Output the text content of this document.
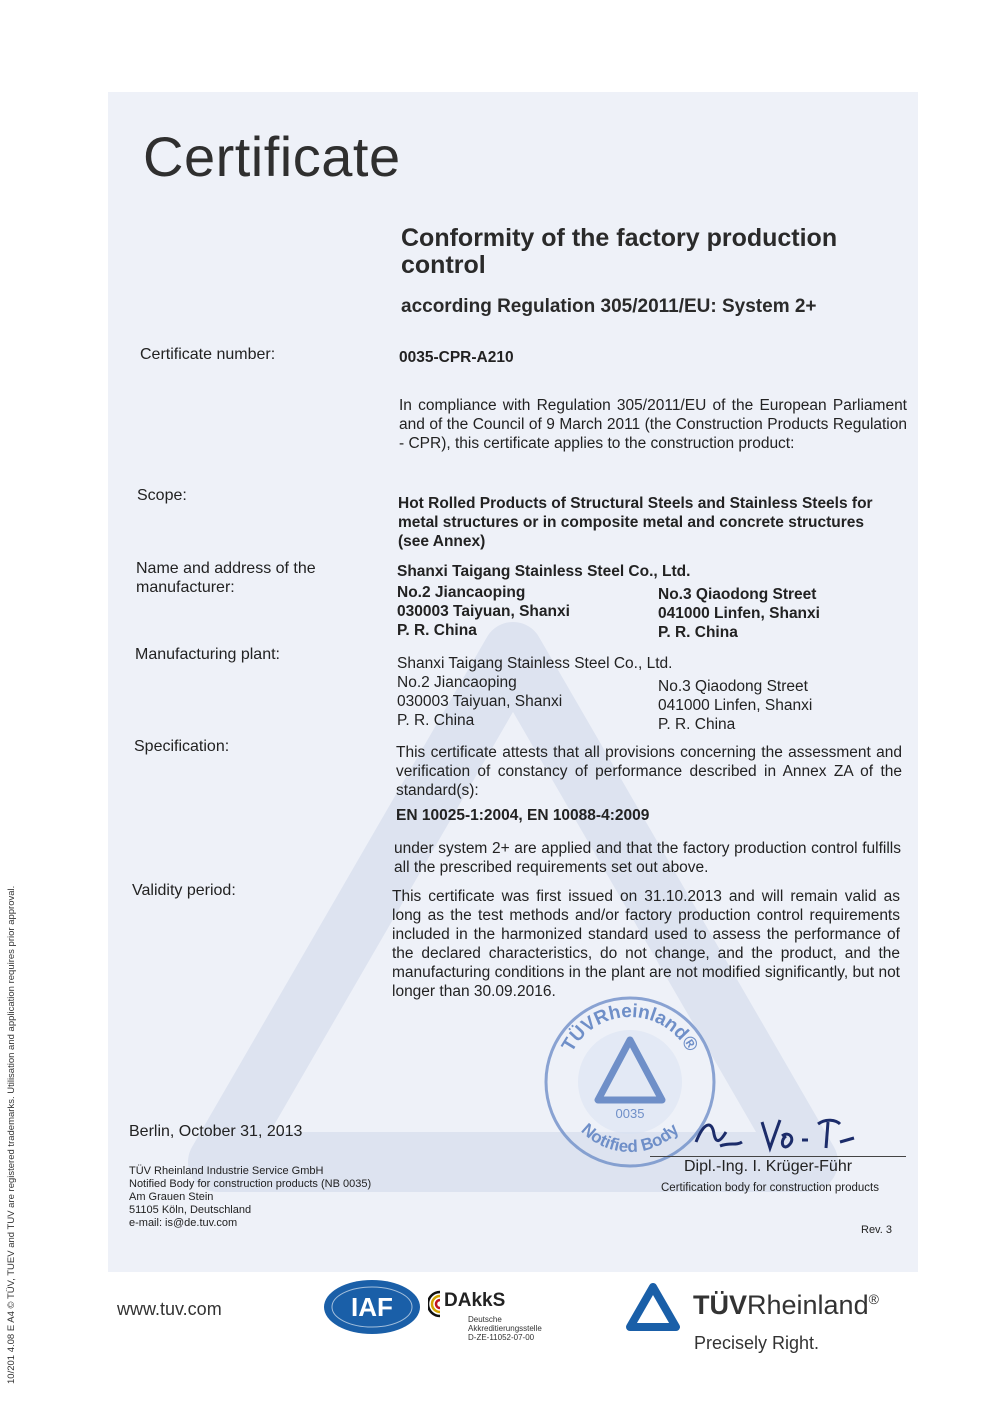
Certificate
Conformity of the factory production control
according Regulation 305/2011/EU: System 2+
Certificate number:	0035-CPR-A210
In compliance with Regulation 305/2011/EU of the European Parliament and of the Council of 9 March 2011 (the Construction Products Regulation - CPR), this certificate applies to the construction product:
Scope:	Hot Rolled Products of Structural Steels and Stainless Steels for metal structures or in composite metal and concrete structures (see Annex)
Name and address of the
manufacturer:
Shanxi Taigang Stainless Steel Co., Ltd.
No.2 Jiancaoping
030003 Taiyuan, Shanxi
P. R. China
No.3 Qiaodong Street
041000 Linfen, Shanxi
P. R. China
Manufacturing plant:
Shanxi Taigang Stainless Steel Co., Ltd.
No.2 Jiancaoping
030003 Taiyuan, Shanxi
P. R. China
No.3 Qiaodong Street
041000 Linfen, Shanxi
P. R. China
Specification:	This certificate attests that all provisions concerning the assessment and verification of constancy of performance described in Annex ZA of the standard(s):
EN 10025-1:2004, EN 10088-4:2009
under system 2+ are applied and that the factory production control fulfills all the prescribed requirements set out above.
Validity period:	This certificate was first issued on 31.10.2013 and will remain valid as long as the test methods and/or factory production control requirements included in the harmonized standard used to assess the performance of the declared characteristics, do not change, and the product, and the manufacturing conditions in the plant are not modified significantly, but not longer than 30.09.2016.
TÜVRheinland®
Notified Body
0035
Dipl.-Ing. I. Krüger-Führ
Certification body for construction products
Berlin, October 31, 2013
TÜV Rheinland Industrie Service GmbH
Notified Body for construction products (NB 0035)
Am Grauen Stein
51105 Köln, Deutschland
e-mail: is@de.tuv.com
Rev. 3
www.tuv.com	IAF	DAkkS
Deutsche
Akkreditierungsstelle
D-ZE-11052-07-00
TÜVRheinland®
Precisely Right.
10/201 4.08 E A4 © TÜV, TUEV and TUV are registered trademarks. Utilisation and application requires prior approval.
